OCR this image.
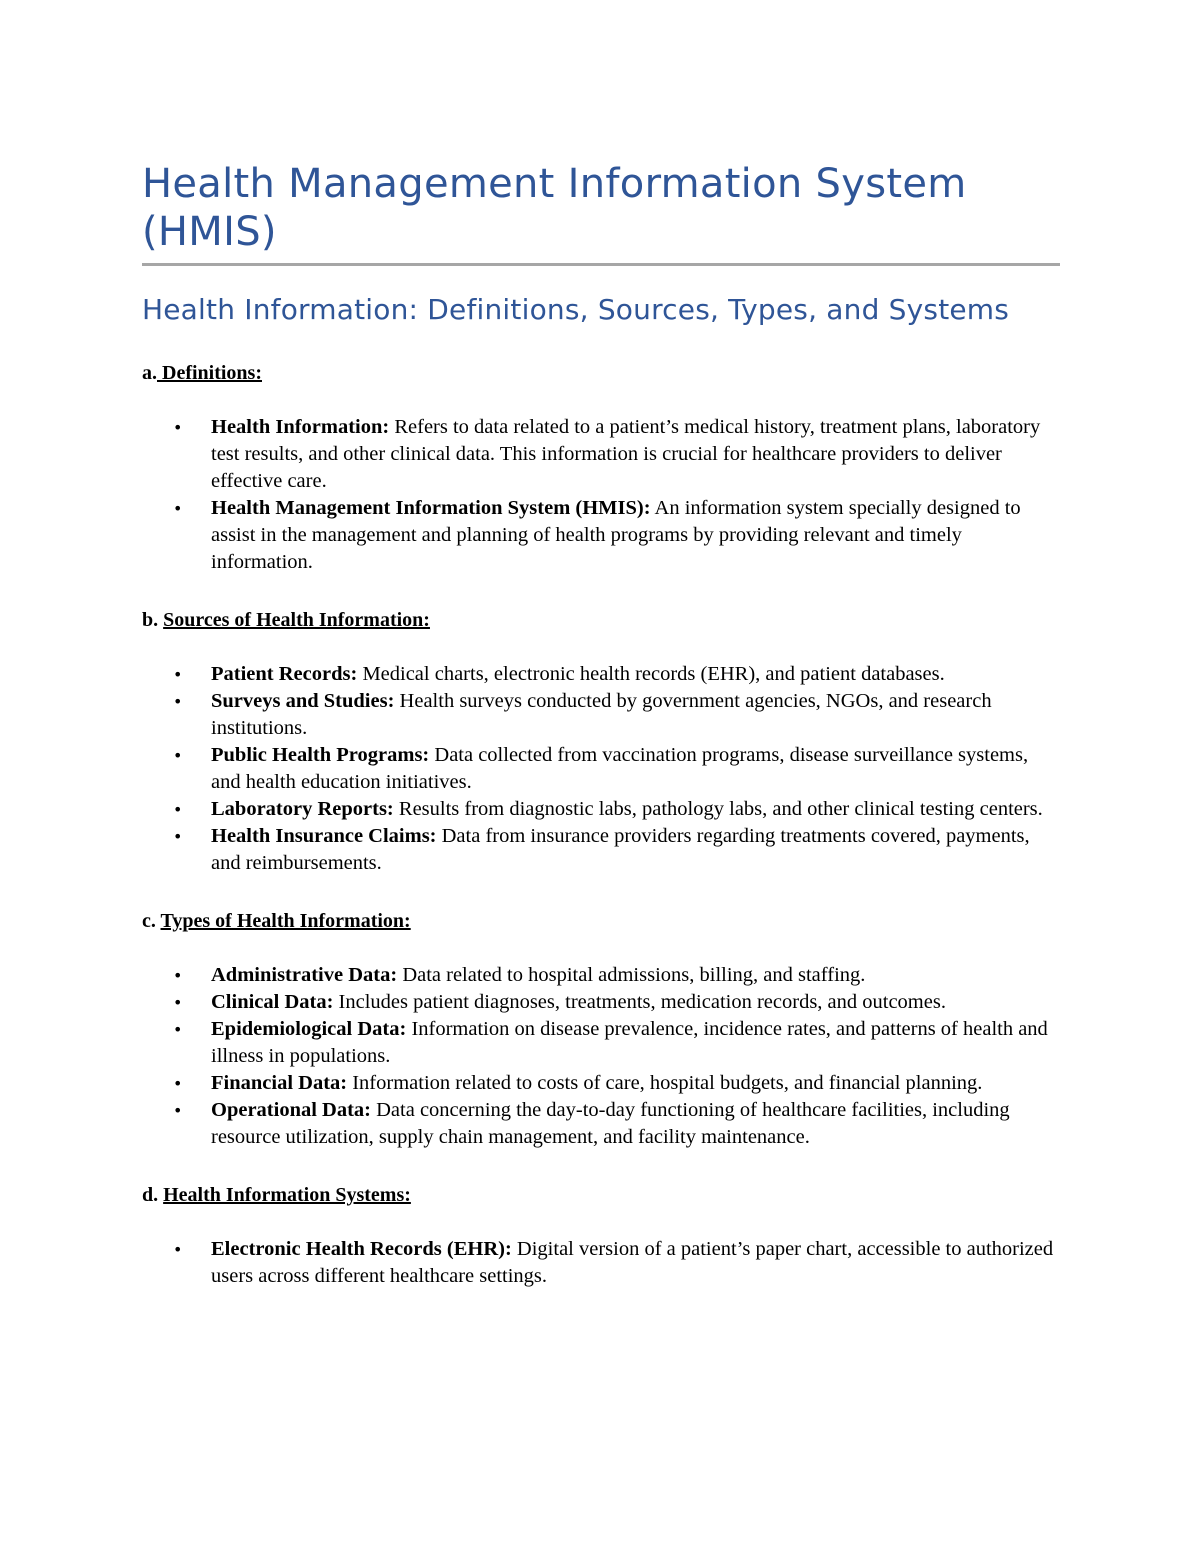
Health Management Information System (HMIS)
Health Information: Definitions, Sources, Types, and Systems

a. Definitions:

• Health Information: Refers to data related to a patient’s medical history, treatment plans, laboratory test results, and other clinical data. This information is crucial for healthcare providers to deliver effective care.
• Health Management Information System (HMIS): An information system specially designed to assist in the management and planning of health programs by providing relevant and timely information.

b. Sources of Health Information:

• Patient Records: Medical charts, electronic health records (EHR), and patient databases.
• Surveys and Studies: Health surveys conducted by government agencies, NGOs, and research institutions.
• Public Health Programs: Data collected from vaccination programs, disease surveillance systems, and health education initiatives.
• Laboratory Reports: Results from diagnostic labs, pathology labs, and other clinical testing centers.
• Health Insurance Claims: Data from insurance providers regarding treatments covered, payments, and reimbursements.

c. Types of Health Information:

• Administrative Data: Data related to hospital admissions, billing, and staffing.
• Clinical Data: Includes patient diagnoses, treatments, medication records, and outcomes.
• Epidemiological Data: Information on disease prevalence, incidence rates, and patterns of health and illness in populations.
• Financial Data: Information related to costs of care, hospital budgets, and financial planning.
• Operational Data: Data concerning the day-to-day functioning of healthcare facilities, including resource utilization, supply chain management, and facility maintenance.

d. Health Information Systems:

• Electronic Health Records (EHR): Digital version of a patient’s paper chart, accessible to authorized users across different healthcare settings.
